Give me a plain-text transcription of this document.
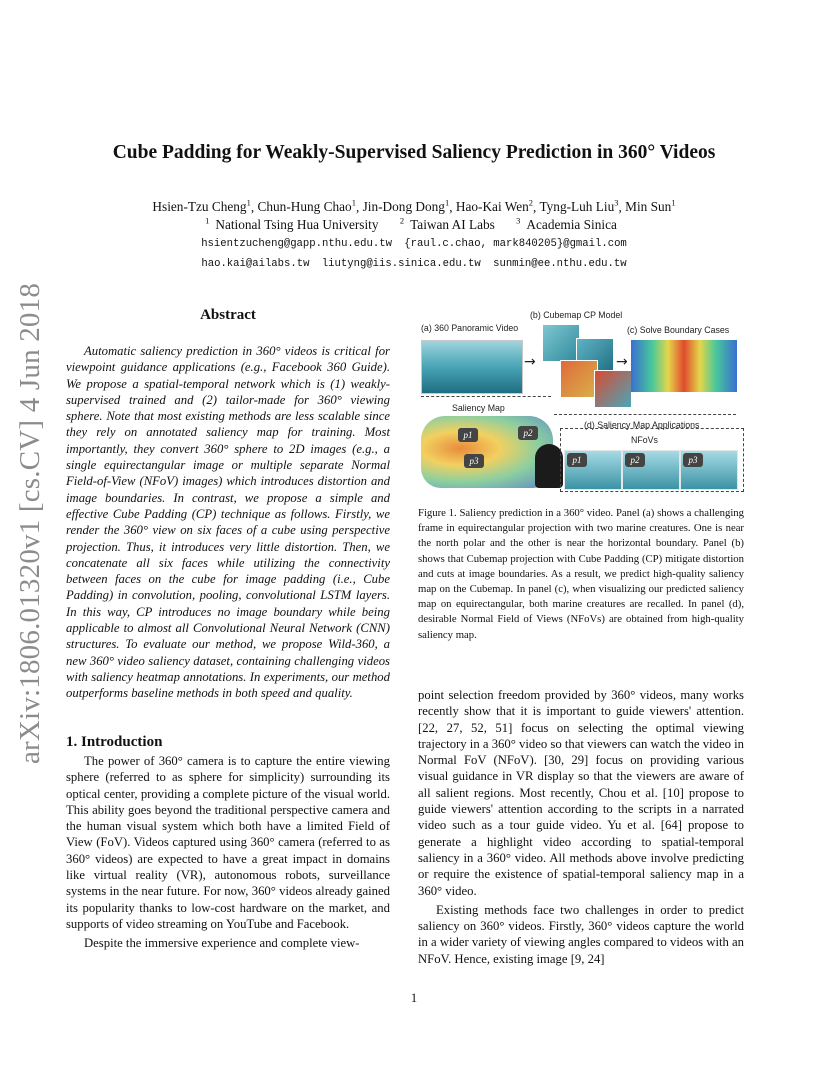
arXiv:1806.01320v1 [cs.CV] 4 Jun 2018
Cube Padding for Weakly-Supervised Saliency Prediction in 360° Videos
Hsien-Tzu Cheng$^1$, Chun-Hung Chao$^1$, Jin-Dong Dong$^1$, Hao-Kai Wen$^2$, Tyng-Luh Liu$^3$, Min Sun$^1$
$^1$ National Tsing Hua University	$^2$ Taiwan AI Labs	$^3$ Academia Sinica
hsientzucheng@gapp.nthu.edu.tw {raul.c.chao, mark840205}@gmail.com
hao.kai@ailabs.tw liutyng@iis.sinica.edu.tw sunmin@ee.nthu.edu.tw
Abstract

Automatic saliency prediction in 360° videos is critical for viewpoint guidance applications (e.g., Facebook 360 Guide). We propose a spatial-temporal network which is (1) weakly-supervised trained and (2) tailor-made for 360° viewing sphere. Note that most existing methods are less scalable since they rely on annotated saliency map for training. Most importantly, they convert 360° sphere to 2D images (e.g., a single equirectangular image or multiple separate Normal Field-of-View (NFoV) images) which introduces distortion and image boundaries. In contrast, we propose a simple and effective Cube Padding (CP) technique as follows. Firstly, we render the 360° view on six faces of a cube using perspective projection. Thus, it introduces very little distortion. Then, we concatenate all six faces while utilizing the connectivity between faces on the cube for image padding (i.e., Cube Padding) in convolution, pooling, convolutional LSTM layers. In this way, CP introduces no image boundary while being applicable to almost all Convolutional Neural Network (CNN) structures. To evaluate our method, we propose Wild-360, a new 360° video saliency dataset, containing challenging videos with saliency heatmap annotations. In experiments, our method outperforms baseline methods in both speed and quality.

1. Introduction

The power of 360° camera is to capture the entire viewing sphere (referred to as sphere for simplicity) surrounding its optical center, providing a complete picture of the visual world. This ability goes beyond the traditional perspective camera and the human visual system which both have a limited Field of View (FoV). Videos captured using 360° camera (referred to as 360° videos) are expected to have a great impact in domains like virtual reality (VR), autonomous robots, surveillance systems in the near future. For now, 360° videos already gained its popularity thanks to low-cost hardware on the market, and supports of video streaming on YouTube and Facebook.

Despite the immersive experience and complete view-

(a) 360 Panoramic Video
(b) Cubemap CP Model
(c) Solve Boundary Cases
→	→
Saliency Map
(d) Saliency Map Applications
p1	p2
p3
NFoVs
p1	p2	p3

Figure 1. Saliency prediction in a 360° video. Panel (a) shows a challenging frame in equirectangular projection with two marine creatures. One is near the north polar and the other is near the horizontal boundary. Panel (b) shows that Cubemap projection with Cube Padding (CP) mitigate distortion and cuts at image boundaries. As a result, we predict high-quality saliency map on the Cubemap. In panel (c), when visualizing our predicted saliency map on equirectangular, both marine creatures are recalled. In panel (d), desirable Normal Field of Views (NFoVs) are obtained from high-quality saliency map.

point selection freedom provided by 360° videos, many works recently show that it is important to guide viewers' attention. [22, 27, 52, 51] focus on selecting the optimal viewing trajectory in a 360° video so that viewers can watch the video in Normal FoV (NFoV). [30, 29] focus on providing various visual guidance in VR display so that the viewers are aware of all salient regions. Most recently, Chou et al. [10] propose to guide viewers' attention according to the scripts in a narrated video such as a tour guide video. Yu et al. [64] propose to generate a highlight video according to spatial-temporal saliency in a 360° video. All methods above involve predicting or require the existence of spatial-temporal saliency map in a 360° video.

Existing methods face two challenges in order to predict saliency on 360° videos. Firstly, 360° videos capture the world in a wider variety of viewing angles compared to videos with an NFoV. Hence, existing image [9, 24]

1
